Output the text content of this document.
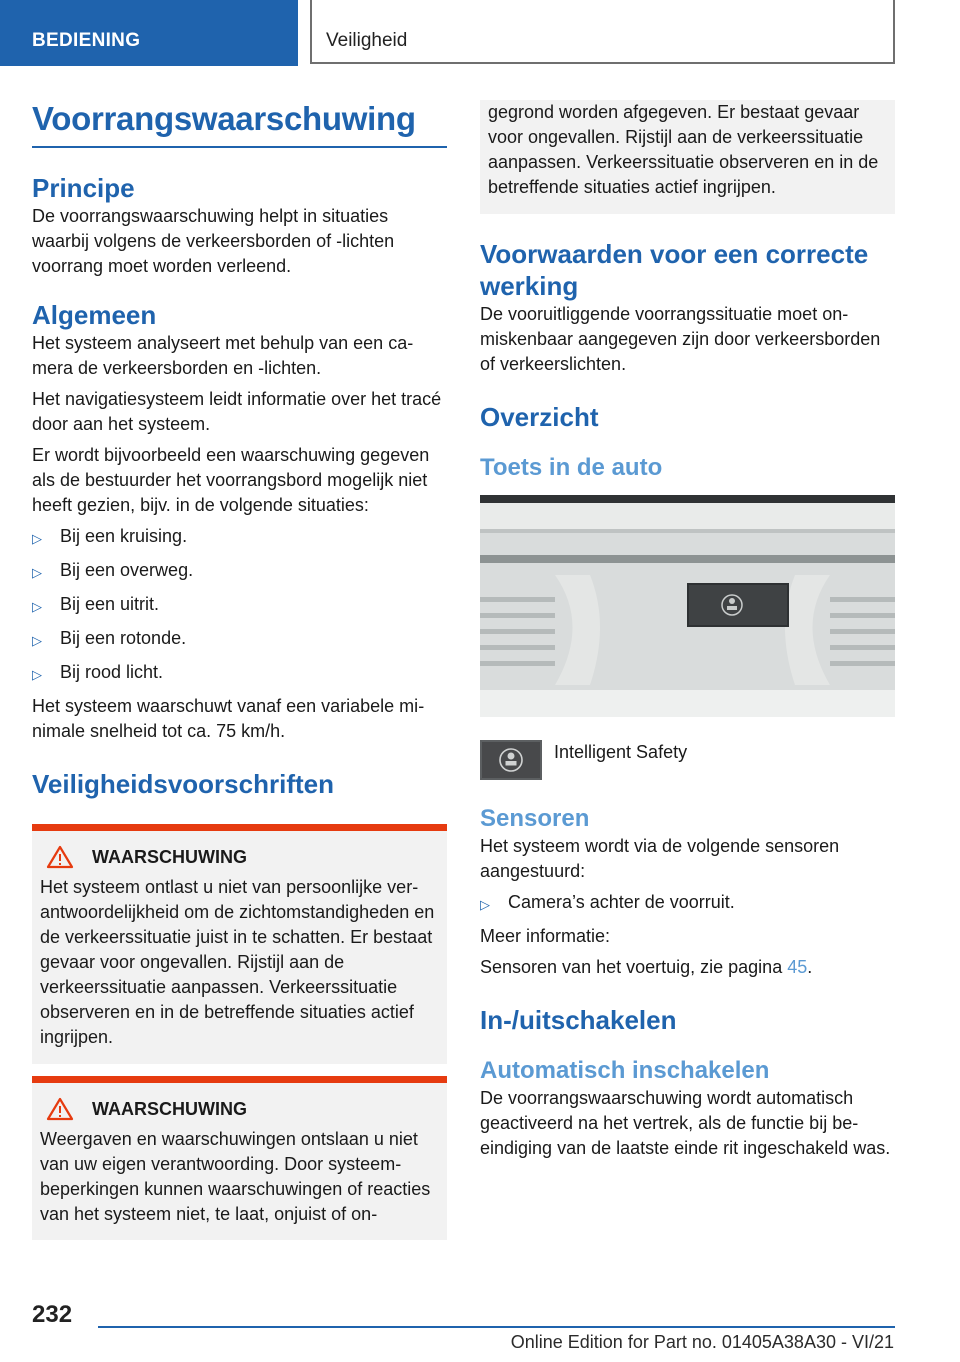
BEDIENING	Veiligheid
Voorrangswaarschuwing
Principe

De voorrangswaarschuwing helpt in situaties waarbij volgens de verkeersborden of -lichten voorrang moet worden verleend.

Algemeen

Het systeem analyseert met behulp van een camera de verkeersborden en -lichten.

Het navigatiesysteem leidt informatie over het tracé door aan het systeem.

Er wordt bijvoorbeeld een waarschuwing gegeven als de bestuurder het voorrangsbord mogelijk niet heeft gezien, bijv. in de volgende situaties:

▷	Bij een kruising.
▷	Bij een overweg.
▷	Bij een uitrit.
▷	Bij een rotonde.
▷	Bij rood licht.

Het systeem waarschuwt vanaf een variabele minimale snelheid tot ca. 75 km/h.

Veiligheidsvoorschriften
WAARSCHUWING

Het systeem ontlast u niet van persoonlijke verantwoordelijkheid om de zichtomstandigheden en de verkeerssituatie juist in te schatten. Er bestaat gevaar voor ongevallen. Rijstijl aan de verkeerssituatie aanpassen. Verkeerssituatie observeren en in de betreffende situaties actief ingrijpen.

WAARSCHUWING

Weergaven en waarschuwingen ontslaan u niet van uw eigen verantwoording. Door systeembeperkingen kunnen waarschuwingen of reacties van het systeem niet, te laat, onjuist of on-

gegrond worden afgegeven. Er bestaat gevaar voor ongevallen. Rijstijl aan de verkeerssituatie aanpassen. Verkeerssituatie observeren en in de betreffende situaties actief ingrijpen.

Voorwaarden voor een correcte werking

De vooruitliggende voorrangssituatie moet onmiskenbaar aangegeven zijn door verkeersborden of verkeerslichten.

Overzicht
Toets in de auto

Intelligent Safety

Sensoren

Het systeem wordt via de volgende sensoren aangestuurd:

▷	Camera’s achter de voorruit.

Meer informatie:

Sensoren van het voertuig, zie pagina 45.

In-/uitschakelen
Automatisch inschakelen

De voorrangswaarschuwing wordt automatisch geactiveerd na het vertrek, als de functie bij beeindiging van de laatste einde rit ingeschakeld was.

232
Online Edition for Part no. 01405A38A30 - VI/21
